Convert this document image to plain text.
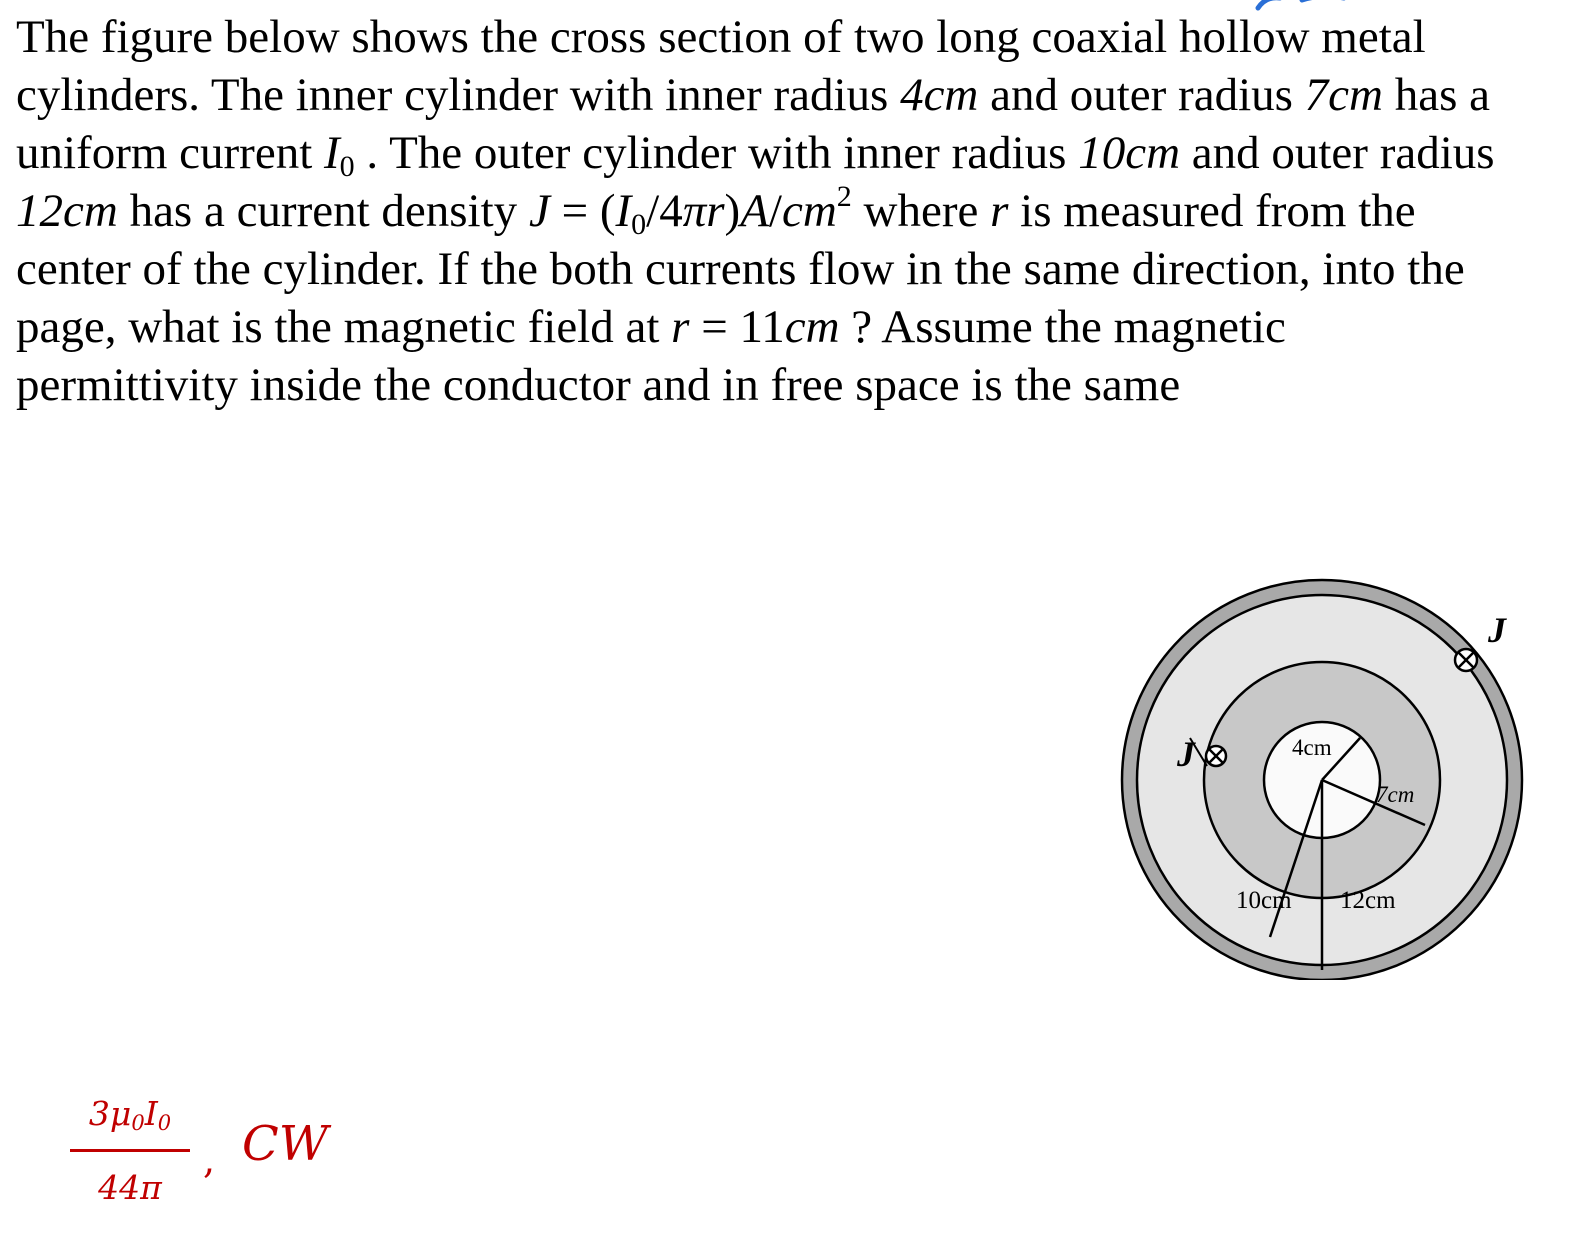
The figure below shows the cross section of two long coaxial hollow metal
cylinders. The inner cylinder with inner radius 4cm and outer radius 7cm has a
uniform current $I_0$ . The outer cylinder with inner radius 10cm and outer radius
12cm has a current density $J = (I_0/4\pi r)A/cm^2$ where r is measured from the
center of the cylinder. If the both currents flow in the same direction, into the
page, what is the magnetic field at r = 11cm ? Assume the magnetic
permittivity inside the conductor and in free space is the same
J
J
4cm
7cm
10cm 12cm
$\frac{3\mu 0I0}{44\pi}$ , CW
